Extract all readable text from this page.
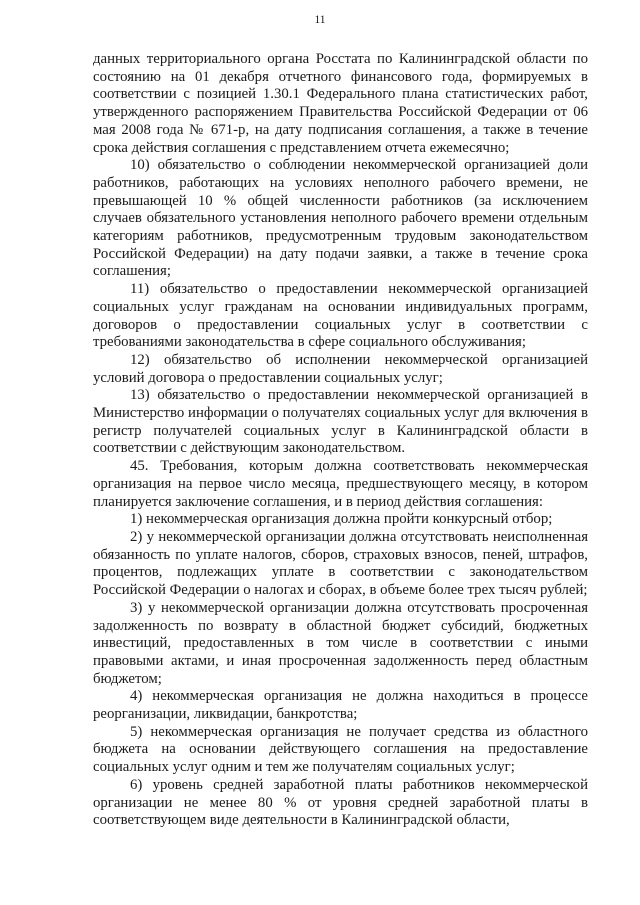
11

данных территориального органа Росстата по Калининградской области по состоянию на 01 декабря отчетного финансового года, формируемых в соответствии с позицией 1.30.1 Федерального плана статистических работ, утвержденного распоряжением Правительства Российской Федерации от 06 мая 2008 года № 671-р, на дату подписания соглашения, а также в течение срока действия соглашения с представлением отчета ежемесячно;

10) обязательство о соблюдении некоммерческой организацией доли работников, работающих на условиях неполного рабочего времени, не превышающей 10 % общей численности работников (за исключением случаев обязательного установления неполного рабочего времени отдельным категориям работников, предусмотренным трудовым законодательством Российской Федерации) на дату подачи заявки, а также в течение срока соглашения;

11) обязательство о предоставлении некоммерческой организацией социальных услуг гражданам на основании индивидуальных программ, договоров о предоставлении социальных услуг в соответствии с требованиями законодательства в сфере социального обслуживания;

12) обязательство об исполнении некоммерческой организацией условий договора о предоставлении социальных услуг;

13) обязательство о предоставлении некоммерческой организацией в Министерство информации о получателях социальных услуг для включения в регистр получателей социальных услуг в Калининградской области в соответствии с действующим законодательством.

45. Требования, которым должна соответствовать некоммерческая организация на первое число месяца, предшествующего месяцу, в котором планируется заключение соглашения, и в период действия соглашения:

1) некоммерческая организация должна пройти конкурсный отбор;

2) у некоммерческой организации должна отсутствовать неисполненная обязанность по уплате налогов, сборов, страховых взносов, пеней, штрафов, процентов, подлежащих уплате в соответствии с законодательством Российской Федерации о налогах и сборах, в объеме более трех тысяч рублей;

3) у некоммерческой организации должна отсутствовать просроченная задолженность по возврату в областной бюджет субсидий, бюджетных инвестиций, предоставленных в том числе в соответствии с иными правовыми актами, и иная просроченная задолженность перед областным бюджетом;

4) некоммерческая организация не должна находиться в процессе реорганизации, ликвидации, банкротства;

5) некоммерческая организация не получает средства из областного бюджета на основании действующего соглашения на предоставление социальных услуг одним и тем же получателям социальных услуг;

6) уровень средней заработной платы работников некоммерческой организации не менее 80 % от уровня средней заработной платы в соответствующем виде деятельности в Калининградской области,
